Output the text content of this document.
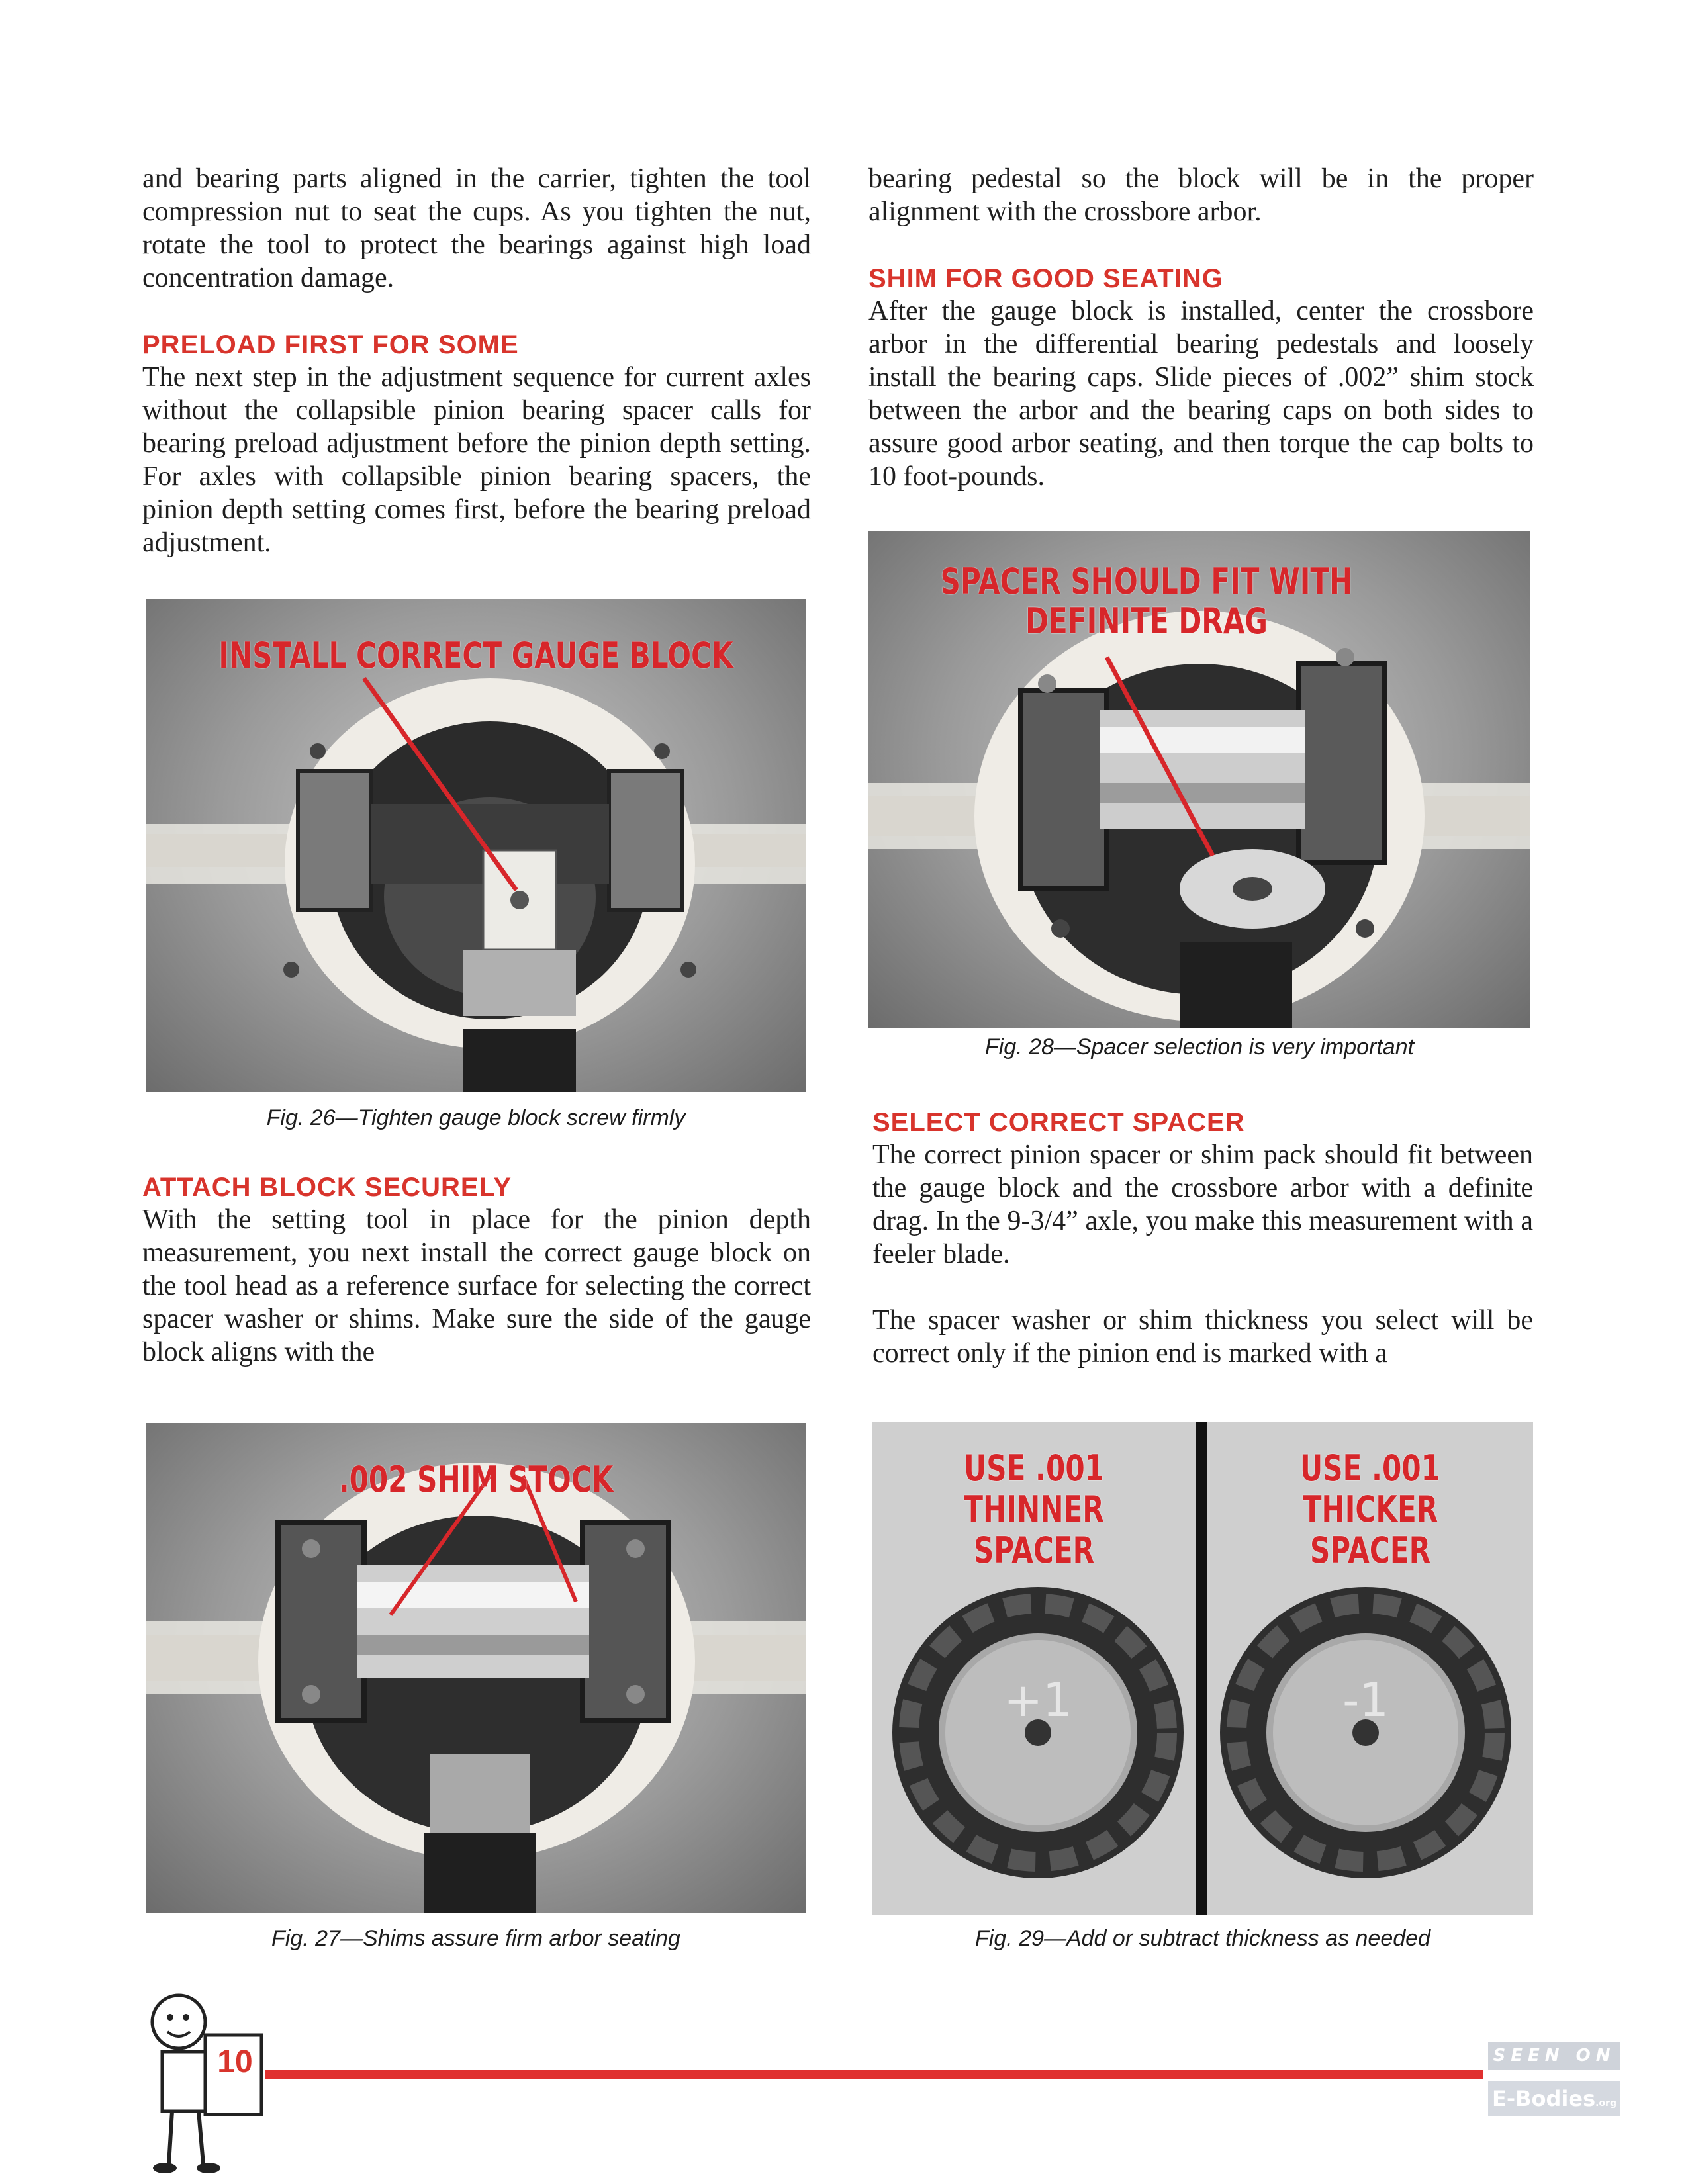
and bearing parts aligned in the carrier, tighten the tool compression nut to seat the cups. As you tighten the nut, rotate the tool to protect the bearings against high load concentration damage.

PRELOAD FIRST FOR SOME

The next step in the adjustment sequence for current axles without the collapsible pinion bearing spacer calls for bearing preload adjustment before the pinion depth setting. For axles with collapsible pinion bearing spacers, the pinion depth setting comes first, before the bearing preload adjustment.

INSTALL CORRECT GAUGE BLOCK
Fig. 26—Tighten gauge block screw firmly
ATTACH BLOCK SECURELY

With the setting tool in place for the pinion depth measurement, you next install the correct gauge block on the tool head as a reference surface for selecting the correct spacer washer or shims. Make sure the side of the gauge block aligns with the

.002 SHIM STOCK
Fig. 27—Shims assure firm arbor seating

bearing pedestal so the block will be in the proper alignment with the crossbore arbor.

SHIM FOR GOOD SEATING

After the gauge block is installed, center the crossbore arbor in the differential bearing pedestals and loosely install the bearing caps. Slide pieces of .002” shim stock between the arbor and the bearing caps on both sides to assure good arbor seating, and then torque the cap bolts to 10 foot-pounds.

SPACER SHOULD FIT WITH
DEFINITE DRAG
Fig. 28—Spacer selection is very important
SELECT CORRECT SPACER

The correct pinion spacer or shim pack should fit between the gauge block and the crossbore arbor with a definite drag. In the 9-3/4” axle, you make this measurement with a feeler blade.

The spacer washer or shim thickness you select will be correct only if the pinion end is marked with a

USE .001
THINNER SPACER
USE .001
THICKER SPACER
+1	-1
Fig. 29—Add or subtract thickness as needed
10	SEEN ON
E-Bodies.org
